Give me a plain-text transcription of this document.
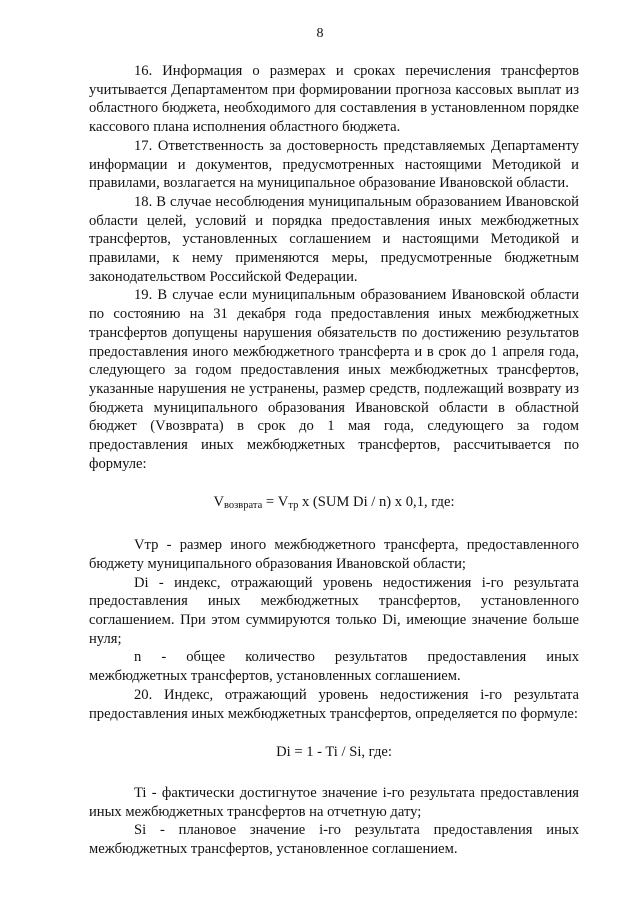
8

16. Информация о размерах и сроках перечисления трансфертов учитывается Департаментом при формировании прогноза кассовых выплат из областного бюджета, необходимого для составления в установленном порядке кассового плана исполнения областного бюджета.

17. Ответственность за достоверность представляемых Департаменту информации и документов, предусмотренных настоящими Методикой и правилами, возлагается на муниципальное образование Ивановской области.

18. В случае несоблюдения муниципальным образованием Ивановской области целей, условий и порядка предоставления иных межбюджетных трансфертов, установленных соглашением и настоящими Методикой и правилами, к нему применяются меры, предусмотренные бюджетным законодательством Российской Федерации.

19. В случае если муниципальным образованием Ивановской области по состоянию на 31 декабря года предоставления иных межбюджетных трансфертов допущены нарушения обязательств по достижению результатов предоставления иного межбюджетного трансферта и в срок до 1 апреля года, следующего за годом предоставления иных межбюджетных трансфертов, указанные нарушения не устранены, размер средств, подлежащий возврату из бюджета муниципального образования Ивановской области в областной бюджет (Vвозврата) в срок до 1 мая года, следующего за годом предоставления иных межбюджетных трансфертов, рассчитывается по формуле:

$V_{возврата} = V_{тр}$ x (SUM Di / n) x 0,1, где:

Vтр - размер иного межбюджетного трансферта, предоставленного бюджету муниципального образования Ивановской области;

Di - индекс, отражающий уровень недостижения i-го результата предоставления иных межбюджетных трансфертов, установленного соглашением. При этом суммируются только Di, имеющие значение больше нуля;

n - общее количество результатов предоставления иных межбюджетных трансфертов, установленных соглашением.

20. Индекс, отражающий уровень недостижения i-го результата предоставления иных межбюджетных трансфертов, определяется по формуле:

Di = 1 - Ti / Si, где:

Ti - фактически достигнутое значение i-го результата предоставления иных межбюджетных трансфертов на отчетную дату;

Si - плановое значение i-го результата предоставления иных межбюджетных трансфертов, установленное соглашением.
